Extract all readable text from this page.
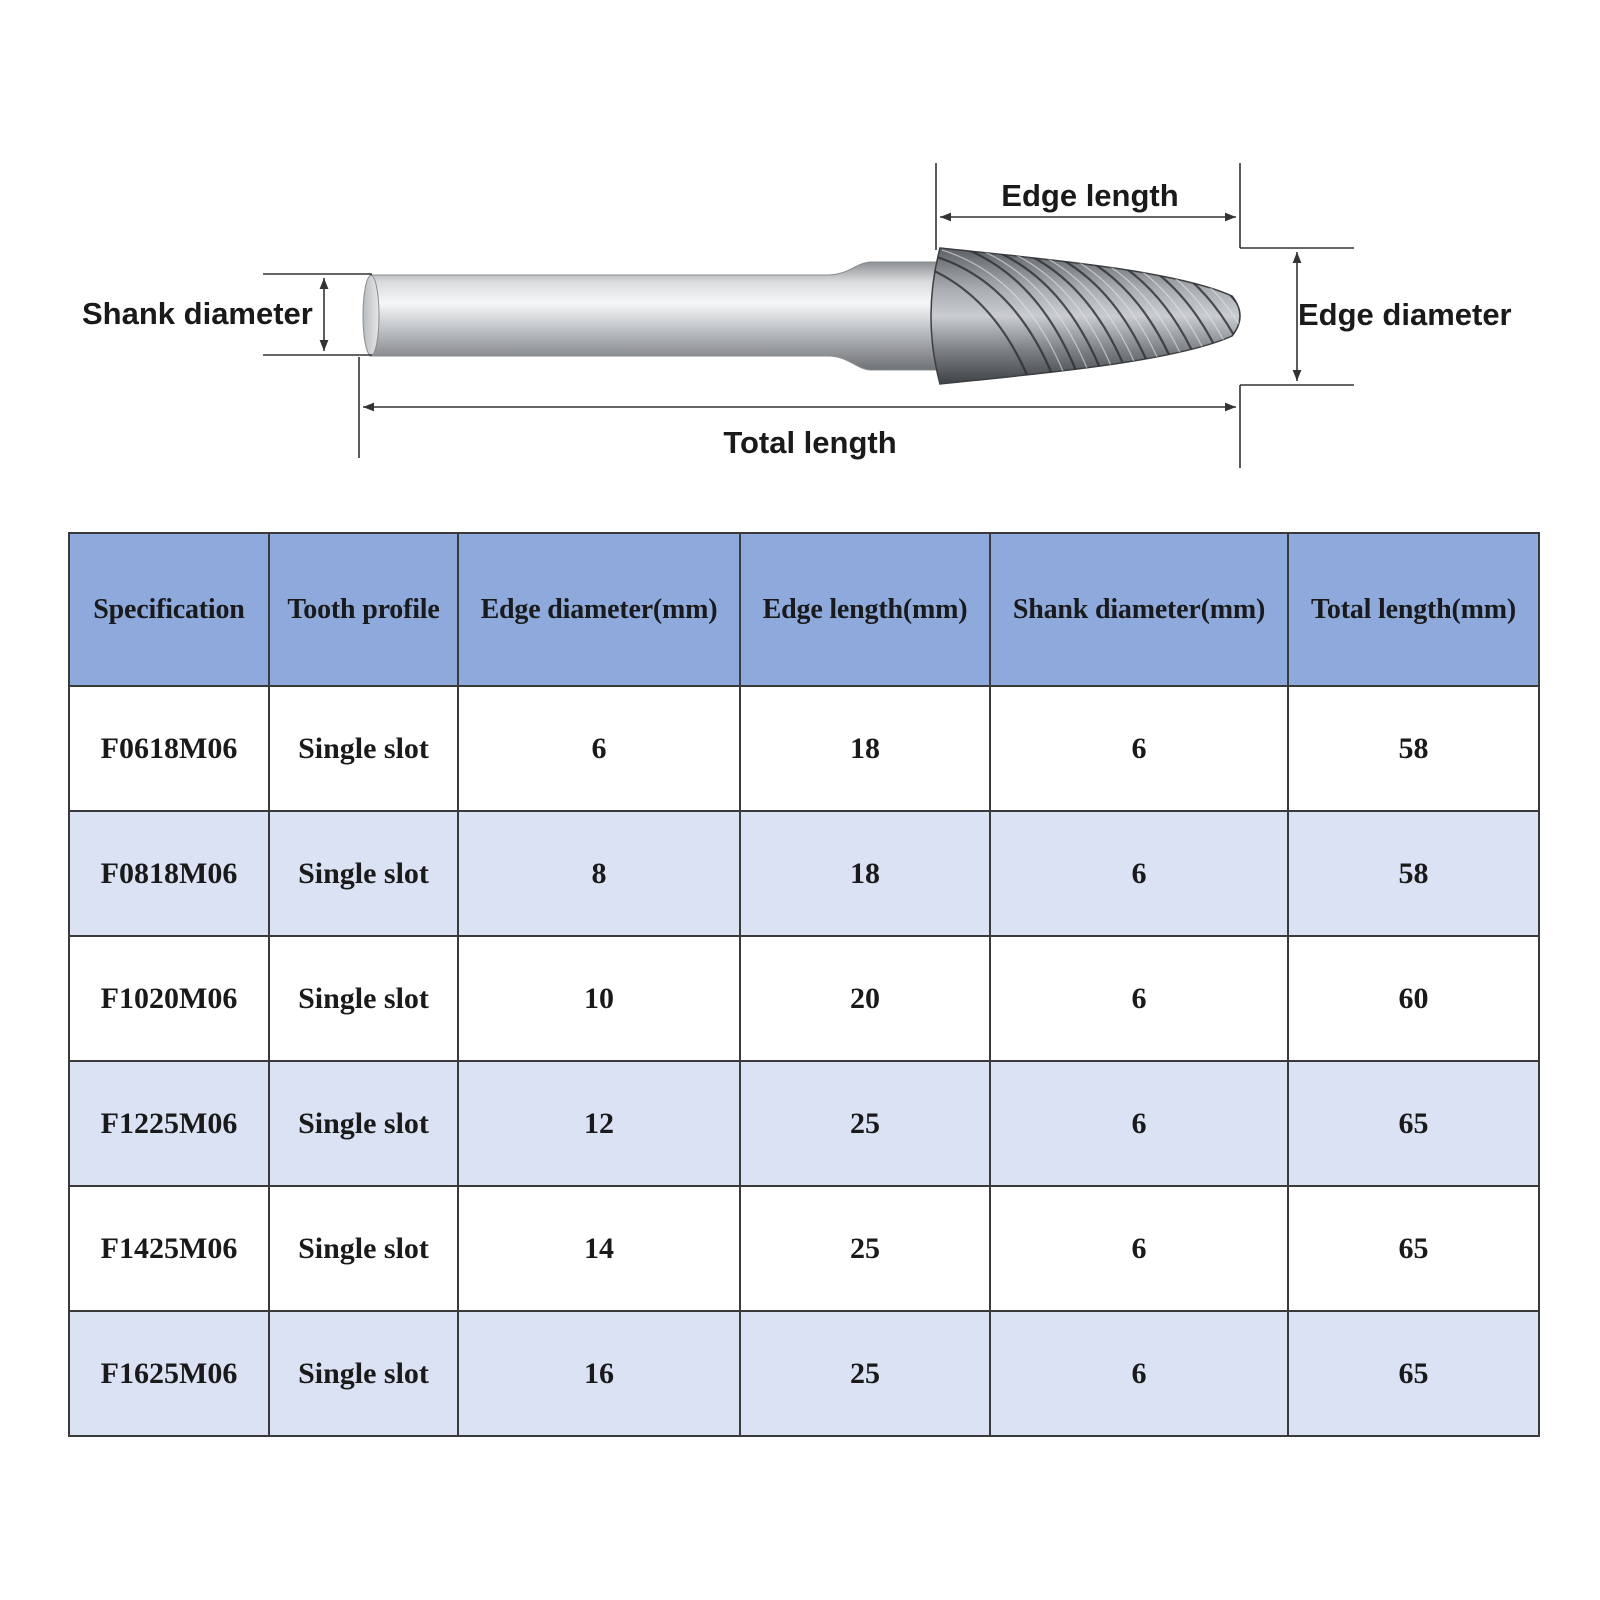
Edge length
Shank diameter	Edge diameter
Total length
Specification	Tooth profile	Edge diameter(mm)	Edge length(mm)	Shank diameter(mm)	Total length(mm)
F0618M06	Single slot	6	18	6	58
F0818M06	Single slot	8	18	6	58
F1020M06	Single slot	10	20	6	60
F1225M06	Single slot	12	25	6	65
F1425M06	Single slot	14	25	6	65
F1625M06	Single slot	16	25	6	65
